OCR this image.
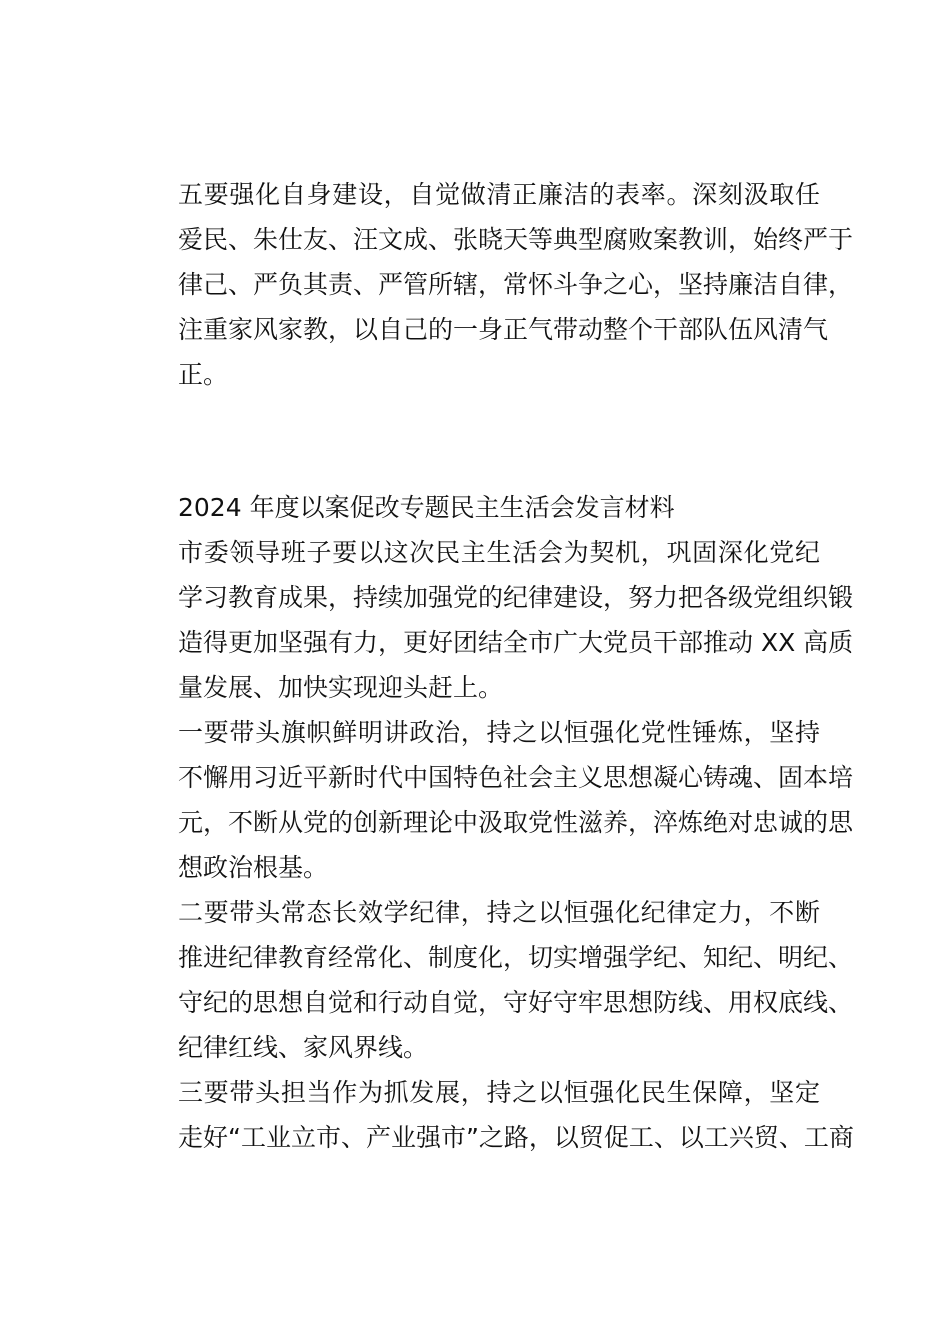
五要强化自身建设，自觉做清正廉洁的表率。深刻汲取任
爱民、朱仕友、汪文成、张晓天等典型腐败案教训，始终严于
律己、严负其责、严管所辖，常怀斗争之心，坚持廉洁自律，
注重家风家教，以自己的一身正气带动整个干部队伍风清气
正。
2024 年度以案促改专题民主生活会发言材料
市委领导班子要以这次民主生活会为契机，巩固深化党纪
学习教育成果，持续加强党的纪律建设，努力把各级党组织锻
造得更加坚强有力，更好团结全市广大党员干部推动 XX 高质
量发展、加快实现迎头赶上。
一要带头旗帜鲜明讲政治，持之以恒强化党性锤炼，坚持
不懈用习近平新时代中国特色社会主义思想凝心铸魂、固本培
元，不断从党的创新理论中汲取党性滋养，淬炼绝对忠诚的思
想政治根基。
二要带头常态长效学纪律，持之以恒强化纪律定力，不断
推进纪律教育经常化、制度化，切实增强学纪、知纪、明纪、
守纪的思想自觉和行动自觉，守好守牢思想防线、用权底线、
纪律红线、家风界线。
三要带头担当作为抓发展，持之以恒强化民生保障，坚定
走好“工业立市、产业强市”之路，以贸促工、以工兴贸、工商
